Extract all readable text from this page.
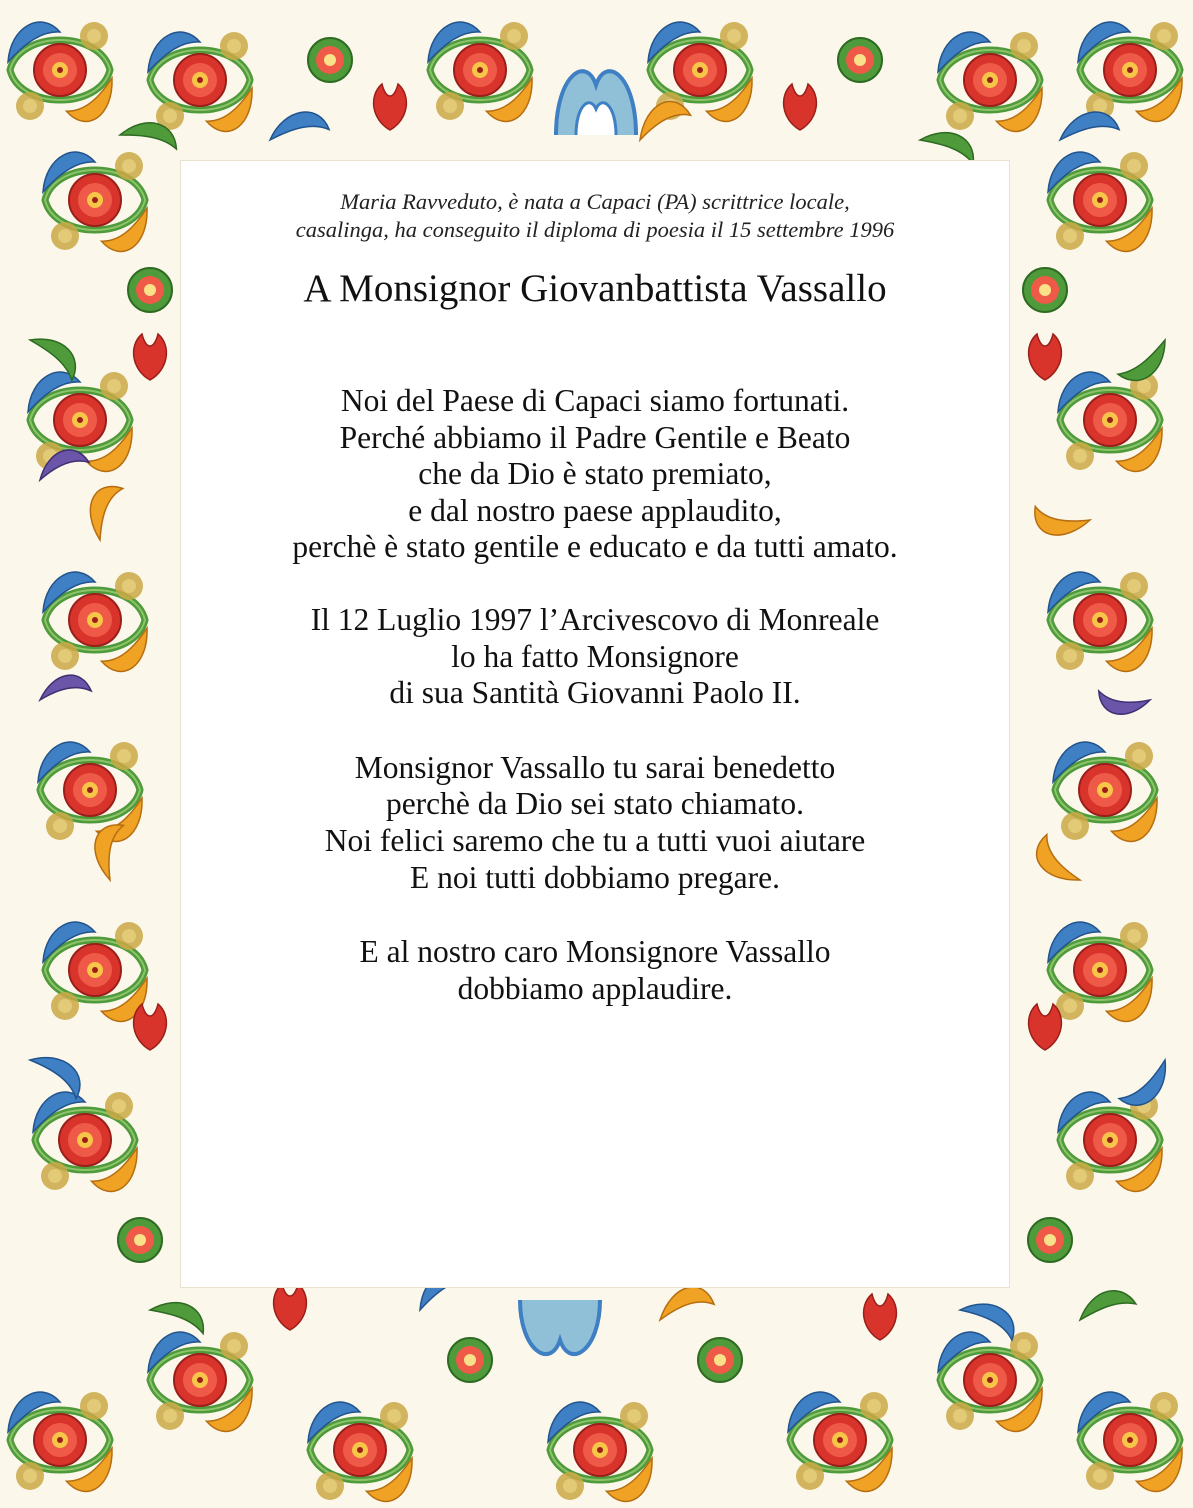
Maria Ravveduto, è nata a Capaci (PA) scrittrice locale,
casalinga, ha conseguito il diploma di poesia il 15 settembre 1996

A Monsignor Giovanbattista Vassallo

Noi del Paese di Capaci siamo fortunati.
Perché abbiamo il Padre Gentile e Beato
che da Dio è stato premiato,
e dal nostro paese applaudito,
perchè è stato gentile e educato e da tutti amato.

Il 12 Luglio 1997 l’Arcivescovo di Monreale
lo ha fatto Monsignore
di sua Santità Giovanni Paolo II.

Monsignor Vassallo tu sarai benedetto
perchè da Dio sei stato chiamato.
Noi felici saremo che tu a tutti vuoi aiutare
E noi tutti dobbiamo pregare.

E al nostro caro Monsignore Vassallo
dobbiamo applaudire.
